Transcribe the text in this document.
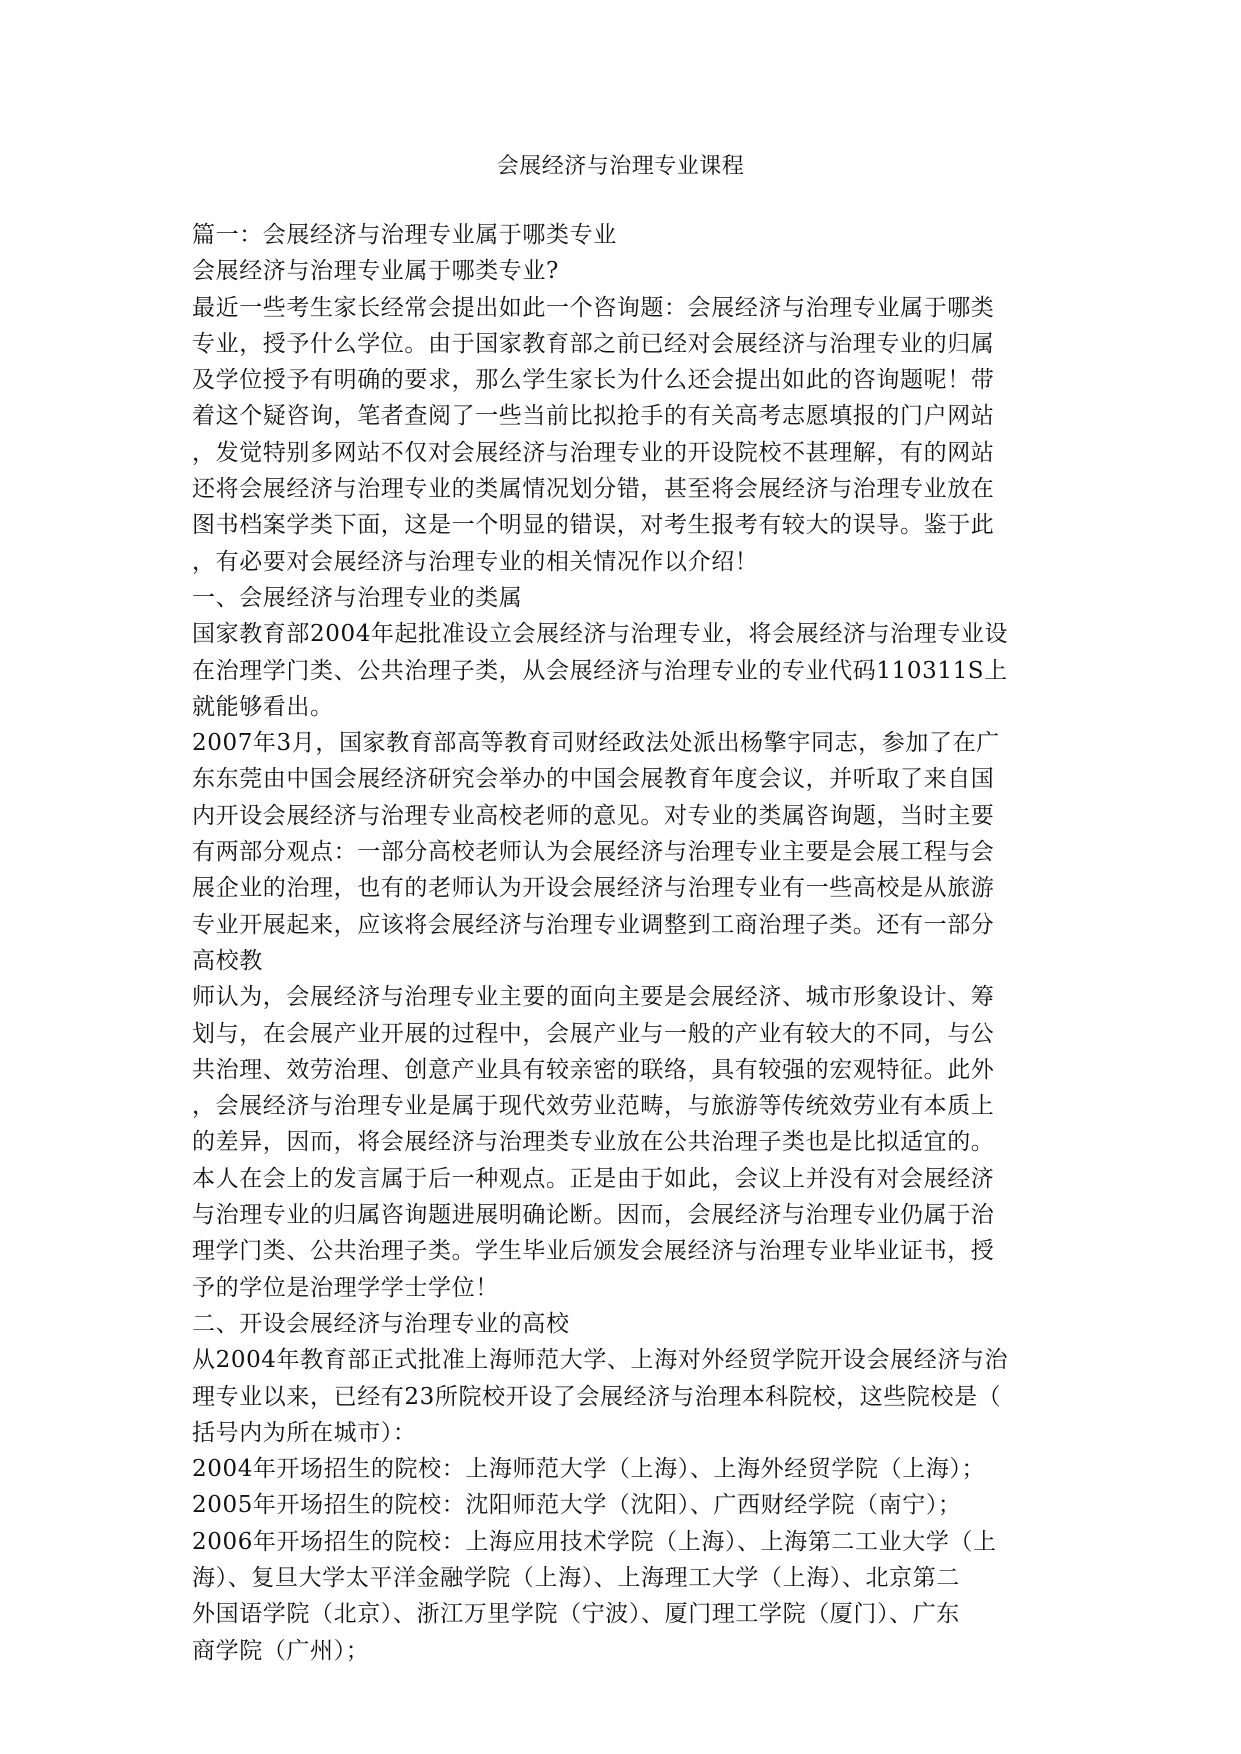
会展经济与治理专业课程
篇一：会展经济与治理专业属于哪类专业
会展经济与治理专业属于哪类专业?
最近一些考生家长经常会提出如此一个咨询题：会展经济与治理专业属于哪类
专业，授予什么学位。由于国家教育部之前已经对会展经济与治理专业的归属
及学位授予有明确的要求，那么学生家长为什么还会提出如此的咨询题呢！带
着这个疑咨询，笔者查阅了一些当前比拟抢手的有关高考志愿填报的门户网站
，发觉特别多网站不仅对会展经济与治理专业的开设院校不甚理解，有的网站
还将会展经济与治理专业的类属情况划分错，甚至将会展经济与治理专业放在
图书档案学类下面，这是一个明显的错误，对考生报考有较大的误导。鉴于此
，有必要对会展经济与治理专业的相关情况作以介绍！
一、会展经济与治理专业的类属
国家教育部2004年起批准设立会展经济与治理专业，将会展经济与治理专业设
在治理学门类、公共治理子类，从会展经济与治理专业的专业代码110311S上
就能够看出。
2007年3月，国家教育部高等教育司财经政法处派出杨擎宇同志，参加了在广
东东莞由中国会展经济研究会举办的中国会展教育年度会议，并听取了来自国
内开设会展经济与治理专业高校老师的意见。对专业的类属咨询题，当时主要
有两部分观点：一部分高校老师认为会展经济与治理专业主要是会展工程与会
展企业的治理，也有的老师认为开设会展经济与治理专业有一些高校是从旅游
专业开展起来，应该将会展经济与治理专业调整到工商治理子类。还有一部分
高校教
师认为，会展经济与治理专业主要的面向主要是会展经济、城市形象设计、筹
划与，在会展产业开展的过程中，会展产业与一般的产业有较大的不同，与公
共治理、效劳治理、创意产业具有较亲密的联络，具有较强的宏观特征。此外
，会展经济与治理专业是属于现代效劳业范畴，与旅游等传统效劳业有本质上
的差异，因而，将会展经济与治理类专业放在公共治理子类也是比拟适宜的。
本人在会上的发言属于后一种观点。正是由于如此，会议上并没有对会展经济
与治理专业的归属咨询题进展明确论断。因而，会展经济与治理专业仍属于治
理学门类、公共治理子类。学生毕业后颁发会展经济与治理专业毕业证书，授
予的学位是治理学学士学位！
二、开设会展经济与治理专业的高校
从2004年教育部正式批准上海师范大学、上海对外经贸学院开设会展经济与治
理专业以来，已经有23所院校开设了会展经济与治理本科院校，这些院校是（
括号内为所在城市）：
2004年开场招生的院校：上海师范大学（上海）、上海外经贸学院（上海）；
2005年开场招生的院校：沈阳师范大学（沈阳）、广西财经学院（南宁）；
2006年开场招生的院校：上海应用技术学院（上海）、上海第二工业大学（上
海）、复旦大学太平洋金融学院（上海）、上海理工大学（上海）、北京第二
外国语学院（北京）、浙江万里学院（宁波）、厦门理工学院（厦门）、广东
商学院（广州）；
